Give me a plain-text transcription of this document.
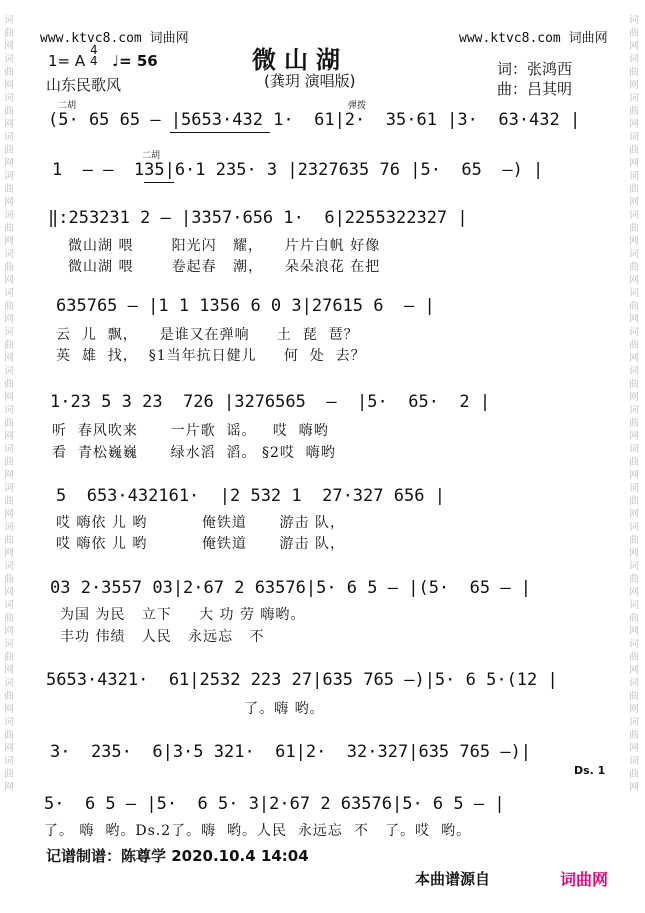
www.ktvc8.com 词曲网	www.ktvc8.com 词曲网
词曲网词曲网词曲网词曲网词曲网词曲网词曲网词曲网词曲网词曲网词曲网词曲网词曲网词曲网词曲网词曲网词曲网词曲网词曲网词曲网
词曲网词曲网词曲网词曲网词曲网词曲网词曲网词曲网词曲网词曲网词曲网词曲网词曲网词曲网词曲网词曲网词曲网词曲网词曲网词曲网
1= A
4
4 ♩= 56
山东民歌风
微山湖
(龚玥 演唱版)
词：张鸿西
曲：吕其明
二胡	弹拨
(5· 65 65 — |5653·432 1·  61|2·  35·61 |3·  63·432 |
二胡
1  — —  135|6·1 235· 3 |2327635 76 |5·  65  —) |
‖:253231 2 — |3357·656 1·  6|2255322327 |
微山湖 喂       阳光闪   耀，    片片白帆 好像
微山湖 喂       卷起春   潮，    朵朵浪花 在把
635765 — |1 1 1356 6 0 3|27615 6  — |
云  儿  飘，    是谁又在弹响     土  琵  琶？
英  雄  找，  §1当年抗日健儿     何  处  去？
1·23 5 3 23  726 |3276565  —  |5·  65·  2 |
听  春风吹来      一片歌  谣。   哎  嗨哟
看  青松巍巍      绿水滔  滔。 §2哎  嗨哟
5  653·432161·  |2 532 1  27·327 656 |
哎 嗨依 儿 哟          俺铁道      游击 队，
哎 嗨依 儿 哟          俺铁道      游击 队，
03 2·3557 03|2·67 2 63576|5· 6 5 — |(5·  65 — |
为国 为民   立下     大 功 劳 嗨哟。
丰功 伟绩   人民   永远忘   不
5653·4321·  61|2532 223 27|635 765 —)|5· 6 5·(12 |
了。嗨 哟。
3·  235·  6|3·5 321·  61|2·  32·327|635 765 —)|
Ds. 1
5·  6 5 — |5·  6 5· 3|2·67 2 63576|5· 6 5 — |
了。 嗨  哟。Ds.2了。嗨  哟。人民  永远忘  不   了。哎  哟。
记谱制谱：陈尊学 2020.10.4 14:04
本曲谱源自	词曲网
